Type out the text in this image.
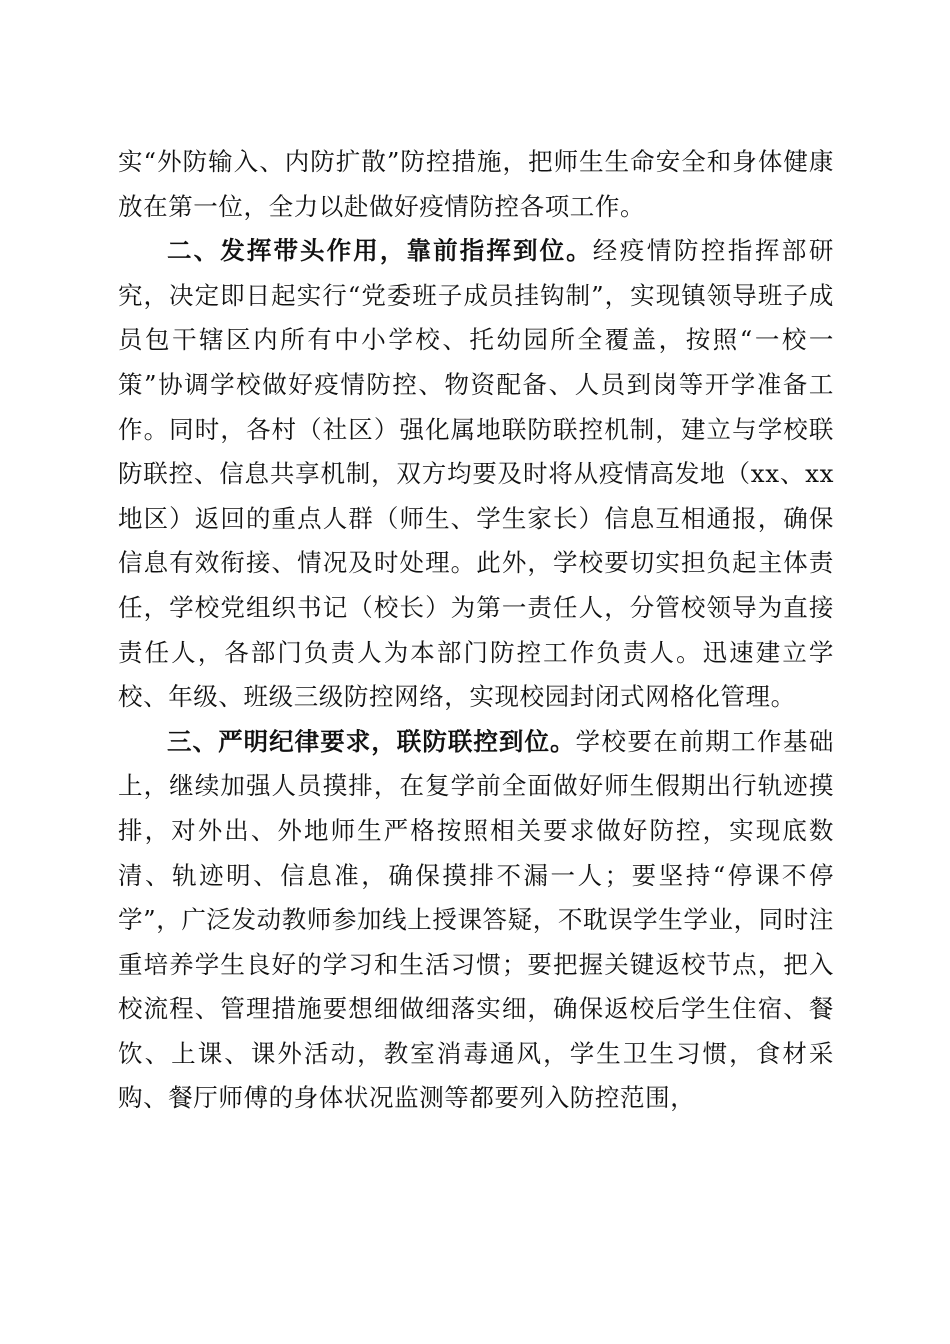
实“外防输入、内防扩散”防控措施，把师生生命安全和身体健康放在第一位，全力以赴做好疫情防控各项工作。

二、发挥带头作用，靠前指挥到位。经疫情防控指挥部研究，决定即日起实行“党委班子成员挂钩制”，实现镇领导班子成员包干辖区内所有中小学校、托幼园所全覆盖，按照“一校一策”协调学校做好疫情防控、物资配备、人员到岗等开学准备工作。同时，各村（社区）强化属地联防联控机制，建立与学校联防联控、信息共享机制，双方均要及时将从疫情高发地（xx、xx地区）返回的重点人群（师生、学生家长）信息互相通报，确保信息有效衔接、情况及时处理。此外，学校要切实担负起主体责任，学校党组织书记（校长）为第一责任人，分管校领导为直接责任人，各部门负责人为本部门防控工作负责人。迅速建立学校、年级、班级三级防控网络，实现校园封闭式网格化管理。

三、严明纪律要求，联防联控到位。学校要在前期工作基础上，继续加强人员摸排，在复学前全面做好师生假期出行轨迹摸排，对外出、外地师生严格按照相关要求做好防控，实现底数清、轨迹明、信息准，确保摸排不漏一人；要坚持“停课不停学”，广泛发动教师参加线上授课答疑，不耽误学生学业，同时注重培养学生良好的学习和生活习惯；要把握关键返校节点，把入校流程、管理措施要想细做细落实细，确保返校后学生住宿、餐饮、上课、课外活动，教室消毒通风，学生卫生习惯，食材采购、餐厅师傅的身体状况监测等都要列入防控范围，
